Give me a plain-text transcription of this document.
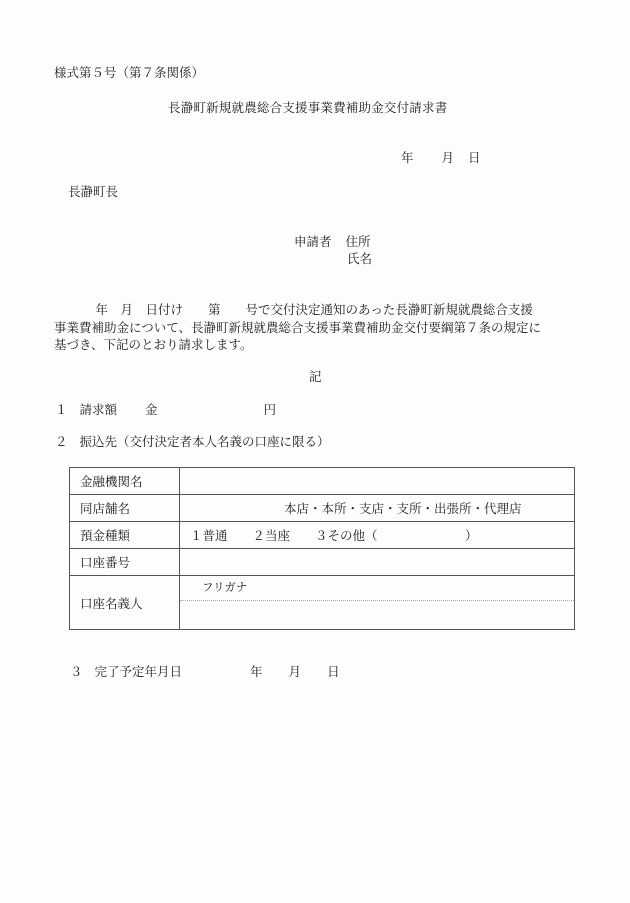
様式第５号（第７条関係）
長瀞町新規就農総合支援事業費補助金交付請求書
年 月 日
長瀞町長
申請者 住所
氏名
　　　 年　月　日付け　　第　　号で交付決定通知のあった長瀞町新規就農総合支援
事業費補助金について、長瀞町新規就農総合支援事業費補助金交付要綱第７条の規定に
基づき、下記のとおり請求します。
記
１ 請求額 金	円
２ 振込先（交付決定者本人名義の口座に限る）
金融機関名	
同店舗名	本店・本所・支店・支所・出張所・代理店
預金種類	１普通　　２当座　　３その他（　　　　　　　）
口座番号	
口座名義人	フリガナ
３ 完了予定年月日	年 月 日
